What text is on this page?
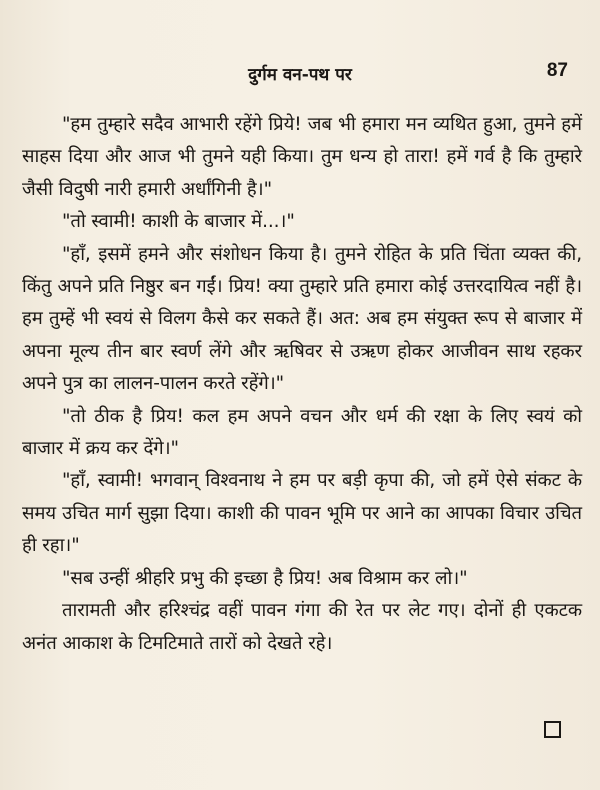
दुर्गम वन-पथ पर	87

"हम तुम्हारे सदैव आभारी रहेंगे प्रिये! जब भी हमारा मन व्यथित हुआ, तुमने हमें साहस दिया और आज भी तुमने यही किया। तुम धन्य हो तारा! हमें गर्व है कि तुम्हारे जैसी विदुषी नारी हमारी अर्धांगिनी है।"

"तो स्वामी! काशी के बाजार में...।"

"हाँ, इसमें हमने और संशोधन किया है। तुमने रोहित के प्रति चिंता व्यक्त की, किंतु अपने प्रति निष्ठुर बन गईं। प्रिय! क्या तुम्हारे प्रति हमारा कोई उत्तरदायित्व नहीं है। हम तुम्हें भी स्वयं से विलग कैसे कर सकते हैं। अत: अब हम संयुक्त रूप से बाजार में अपना मूल्य तीन बार स्वर्ण लेंगे और ऋषिवर से उऋण होकर आजीवन साथ रहकर अपने पुत्र का लालन-पालन करते रहेंगे।"

"तो ठीक है प्रिय! कल हम अपने वचन और धर्म की रक्षा के लिए स्वयं को बाजार में क्रय कर देंगे।"

"हाँ, स्वामी! भगवान् विश्वनाथ ने हम पर बड़ी कृपा की, जो हमें ऐसे संकट के समय उचित मार्ग सुझा दिया। काशी की पावन भूमि पर आने का आपका विचार उचित ही रहा।"

"सब उन्हीं श्रीहरि प्रभु की इच्छा है प्रिय! अब विश्राम कर लो।"

तारामती और हरिश्चंद्र वहीं पावन गंगा की रेत पर लेट गए। दोनों ही एकटक अनंत आकाश के टिमटिमाते तारों को देखते रहे।
